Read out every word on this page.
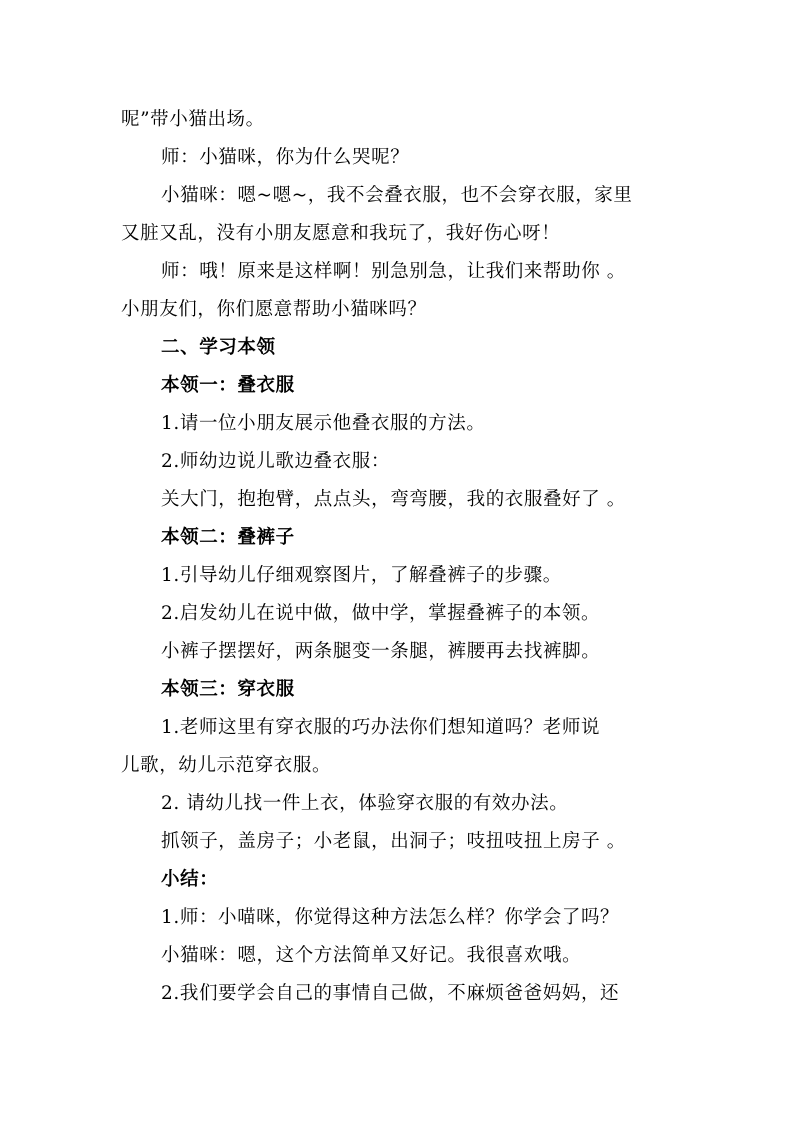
呢”带小猫出场。
师：小猫咪，你为什么哭呢？
小猫咪：嗯~嗯~，我不会叠衣服，也不会穿衣服，家里
又脏又乱，没有小朋友愿意和我玩了，我好伤心呀！
师：哦！原来是这样啊！别急别急，让我们来帮助你 。
小朋友们，你们愿意帮助小猫咪吗？
二、学习本领
本领一：叠衣服
1.请一位小朋友展示他叠衣服的方法。
2.师幼边说儿歌边叠衣服：
关大门，抱抱臂，点点头，弯弯腰，我的衣服叠好了 。
本领二：叠裤子
1.引导幼儿仔细观察图片，了解叠裤子的步骤。
2.启发幼儿在说中做，做中学，掌握叠裤子的本领。
小裤子摆摆好，两条腿变一条腿，裤腰再去找裤脚。
本领三：穿衣服
1.老师这里有穿衣服的巧办法你们想知道吗？老师说
儿歌，幼儿示范穿衣服。
2. 请幼儿找一件上衣，体验穿衣服的有效办法。
抓领子，盖房子；小老鼠，出洞子；吱扭吱扭上房子 。
小结：
1.师：小喵咪，你觉得这种方法怎么样？你学会了吗？
小猫咪：嗯，这个方法简单又好记。我很喜欢哦。
2.我们要学会自己的事情自己做，不麻烦爸爸妈妈，还
